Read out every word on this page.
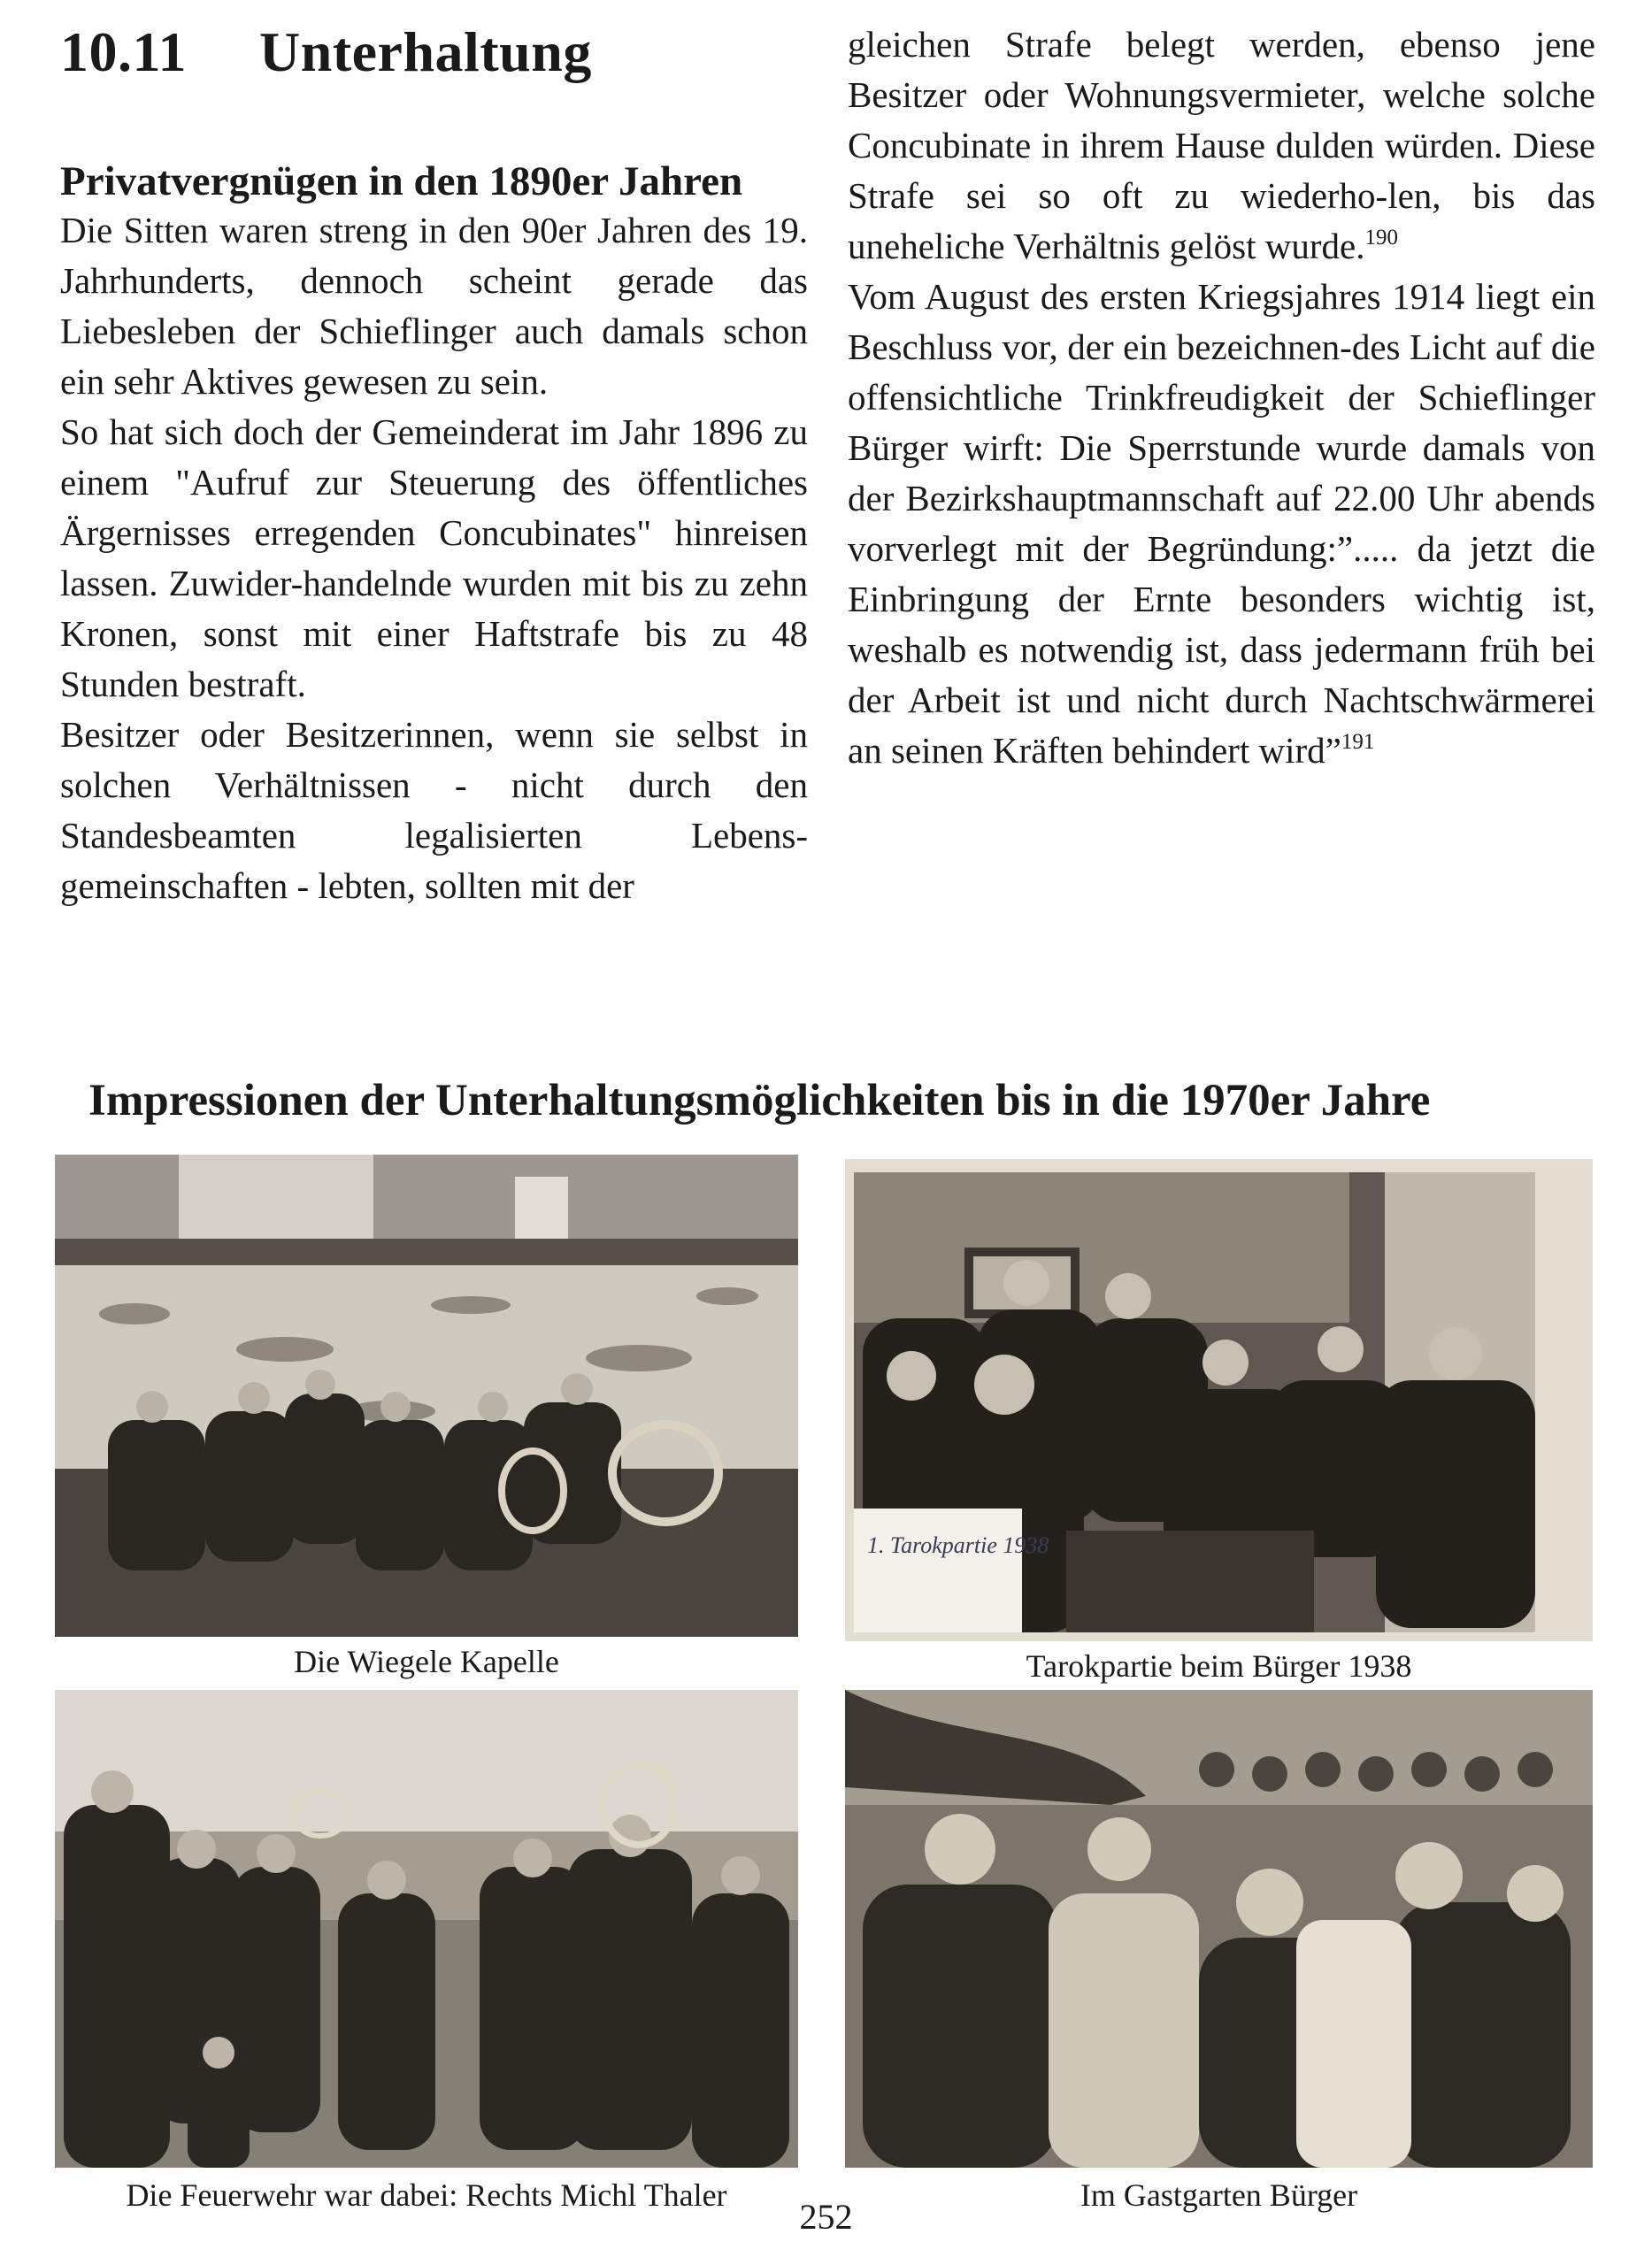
10.11 Unterhaltung
Privatvergnügen in den 1890er Jahren

Die Sitten waren streng in den 90er Jahren des 19. Jahrhunderts, dennoch scheint gerade das Liebesleben der Schieflinger auch damals schon ein sehr Aktives gewesen zu sein.

So hat sich doch der Gemeinderat im Jahr 1896 zu einem "Aufruf zur Steuerung des öffentliches Ärgernisses erregenden Concubinates" hinreisen lassen. Zuwider-handelnde wurden mit bis zu zehn Kronen, sonst mit einer Haftstrafe bis zu 48 Stunden bestraft.

Besitzer oder Besitzerinnen, wenn sie selbst in solchen Verhältnissen - nicht durch den Standesbeamten legalisierten Lebens-gemeinschaften - lebten, sollten mit der

gleichen Strafe belegt werden, ebenso jene Besitzer oder Wohnungsvermieter, welche solche Concubinate in ihrem Hause dulden würden. Diese Strafe sei so oft zu wiederho-len, bis das uneheliche Verhältnis gelöst wurde.$^{190}$

Vom August des ersten Kriegsjahres 1914 liegt ein Beschluss vor, der ein bezeichnen-des Licht auf die offensichtliche Trinkfreudigkeit der Schieflinger Bürger wirft: Die Sperrstunde wurde damals von der Bezirkshauptmannschaft auf 22.00 Uhr abends vorverlegt mit der Begründung:”..... da jetzt die Einbringung der Ernte besonders wichtig ist, weshalb es notwendig ist, dass jedermann früh bei der Arbeit ist und nicht durch Nachtschwärmerei an seinen Kräften behindert wird”$^{191}$

Impressionen der Unterhaltungsmöglichkeiten bis in die 1970er Jahre

Die Wiegele Kapelle

1. Tarokpartie 1938

Tarokpartie beim Bürger 1938

Die Feuerwehr war dabei: Rechts Michl Thaler	Im Gastgarten Bürger

252
